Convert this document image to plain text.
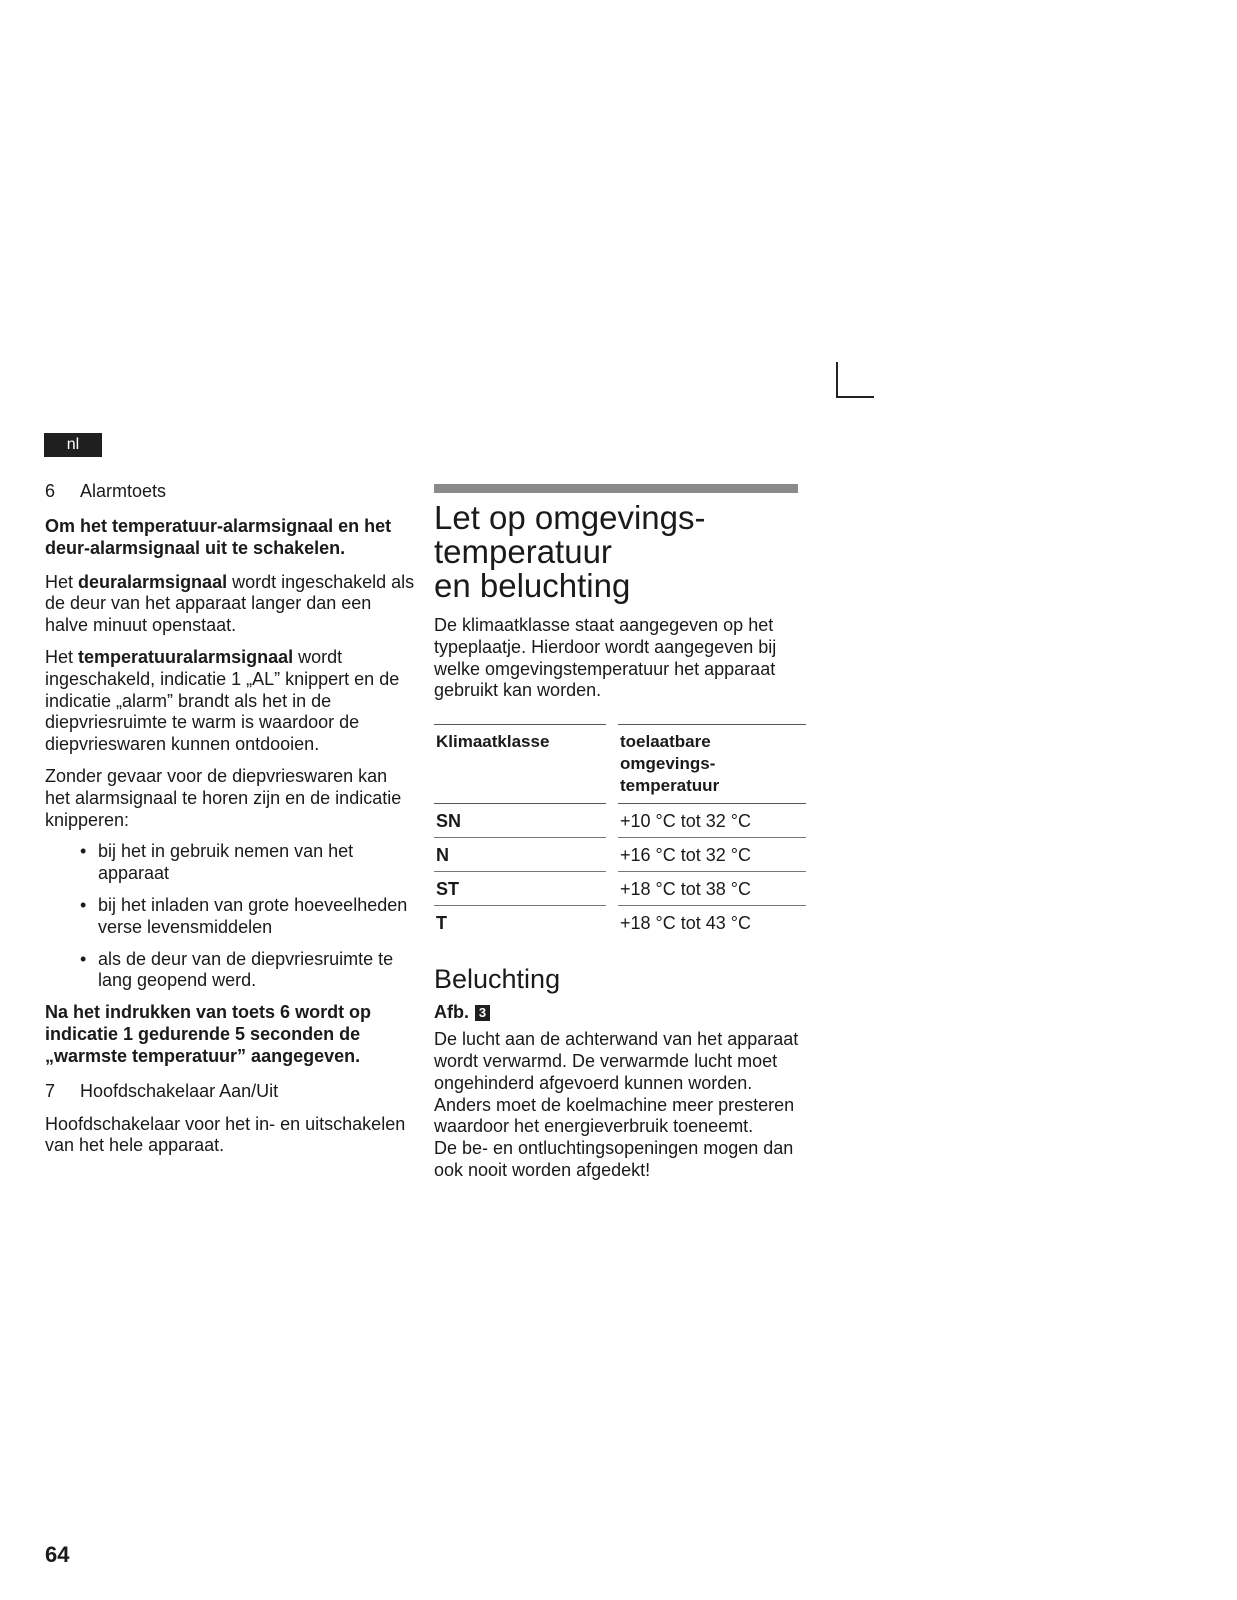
nl
6 Alarmtoets

Om het temperatuur-alarmsignaal en het deur-alarmsignaal uit te schakelen.

Het deuralarmsignaal wordt ingeschakeld als de deur van het apparaat langer dan een halve minuut openstaat.

Het temperatuuralarmsignaal wordt ingeschakeld, indicatie 1 „AL” knippert en de indicatie „alarm” brandt als het in de diepvriesruimte te warm is waardoor de diepvrieswaren kunnen ontdooien.

Zonder gevaar voor de diepvrieswaren kan het alarmsignaal te horen zijn en de indicatie knipperen:

• bij het in gebruik nemen van het apparaat
• bij het inladen van grote hoeveelheden verse levensmiddelen
• als de deur van de diepvriesruimte te lang geopend werd.

Na het indrukken van toets 6 wordt op indicatie 1 gedurende 5 seconden de „warmste temperatuur” aangegeven.

7 Hoofdschakelaar Aan/Uit

Hoofdschakelaar voor het in- en uitschakelen van het hele apparaat.

Let op omgevings-
temperatuur
en beluchting

De klimaatklasse staat aangegeven op het typeplaatje. Hierdoor wordt aangegeven bij welke omgevingstemperatuur het apparaat gebruikt kan worden.

Klimaatklasse		toelaatbare
omgevings-
temperatuur
SN		+10 °C tot 32 °C
N		+16 °C tot 32 °C
ST		+18 °C tot 38 °C
T		+18 °C tot 43 °C
Beluchting

Afb. 3

De lucht aan de achterwand van het apparaat wordt verwarmd. De verwarmde lucht moet ongehinderd afgevoerd kunnen worden. Anders moet de koelmachine meer presteren waardoor het energieverbruik toeneemt.

De be- en ontluchtingsopeningen mogen dan ook nooit worden afgedekt!

64
